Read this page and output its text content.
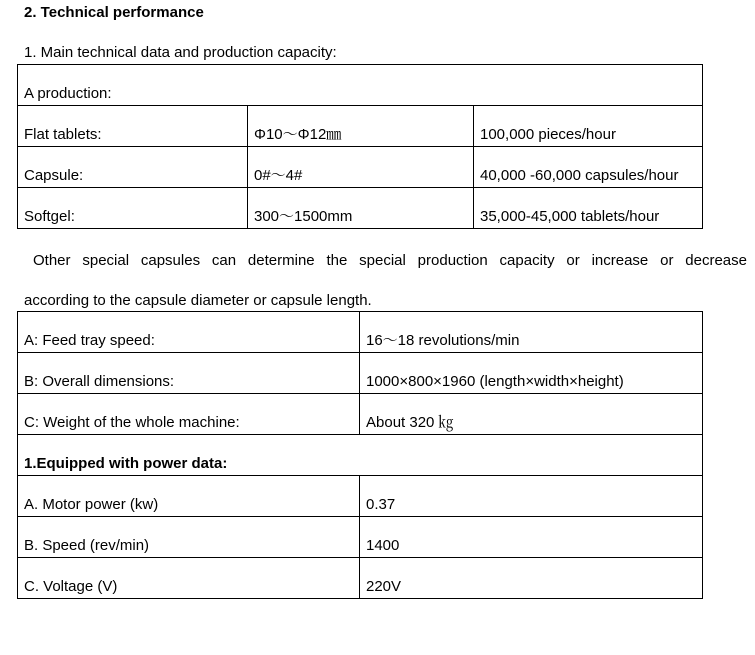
2. Technical performance
1. Main technical data and production capacity:
A production:		
Flat tablets:	Φ10～Φ12㎜	100,000 pieces/hour
Capsule:	0#～4#	40,000 -60,000 capsules/hour
Softgel:	300～1500mm	35,000-45,000 tablets/hour
Other special capsules can determine the special production capacity or increase or decrease
according to the capsule diameter or capsule length.
A: Feed tray speed:	16～18 revolutions/min
B: Overall dimensions:	1000×800×1960 (length×width×height)
C: Weight of the whole machine:	About 320 ㎏
1.Equipped with power data:	
A. Motor power (kw)	0.37
B. Speed (rev/min)	1400
C. Voltage (V)	220V
